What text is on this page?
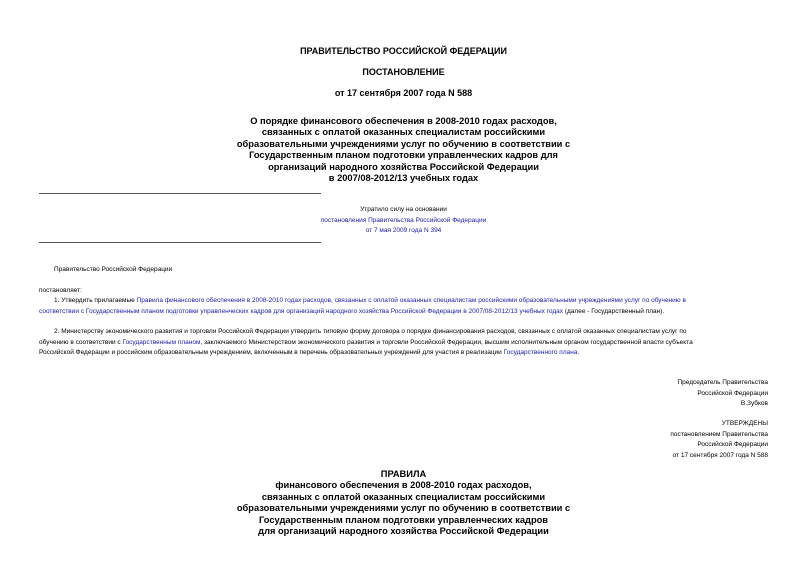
ПРАВИТЕЛЬСТВО РОССИЙСКОЙ ФЕДЕРАЦИИ
ПОСТАНОВЛЕНИЕ
от 17 сентября 2007 года N 588
О порядке финансового обеспечения в 2008-2010 годах расходов,
связанных с оплатой оказанных специалистам российскими
образовательными учреждениями услуг по обучению в соответствии с
Государственным планом подготовки управленческих кадров для
организаций народного хозяйства Российской Федерации
в 2007/08-2012/13 учебных годах
Утратило силу на основании
постановления Правительства Российской Федерации
от 7 мая 2009 года N 394
Правительство Российской Федерации
постановляет:
1. Утвердить прилагаемые Правила финансового обеспечения в 2008-2010 годах расходов, связанных с оплатой оказанных специалистам российскими образовательными учреждениями услуг по обучению в
соответствии с Государственным планом подготовки управленческих кадров для организаций народного хозяйства Российской Федерации в 2007/08-2012/13 учебных годах (далее - Государственный план).
2. Министерству экономического развития и торговли Российской Федерации утвердить типовую форму договора о порядке финансирования расходов, связанных с оплатой оказанных специалистам услуг по
обучению в соответствии с Государственным планом, заключаемого Министерством экономического развития и торговли Российской Федерации, высшим исполнительным органом государственной власти субъекта
Российской Федерации и российским образовательным учреждением, включенным в перечень образовательных учреждений для участия в реализации Государственного плана.
Председатель Правительства
Российской Федерации
В.Зубков
УТВЕРЖДЕНЫ
постановлением Правительства
Российской Федерации
от 17 сентября 2007 года N 588
ПРАВИЛА
финансового обеспечения в 2008-2010 годах расходов,
связанных с оплатой оказанных специалистам российскими
образовательными учреждениями услуг по обучению в соответствии с
Государственным планом подготовки управленческих кадров
для организаций народного хозяйства Российской Федерации
